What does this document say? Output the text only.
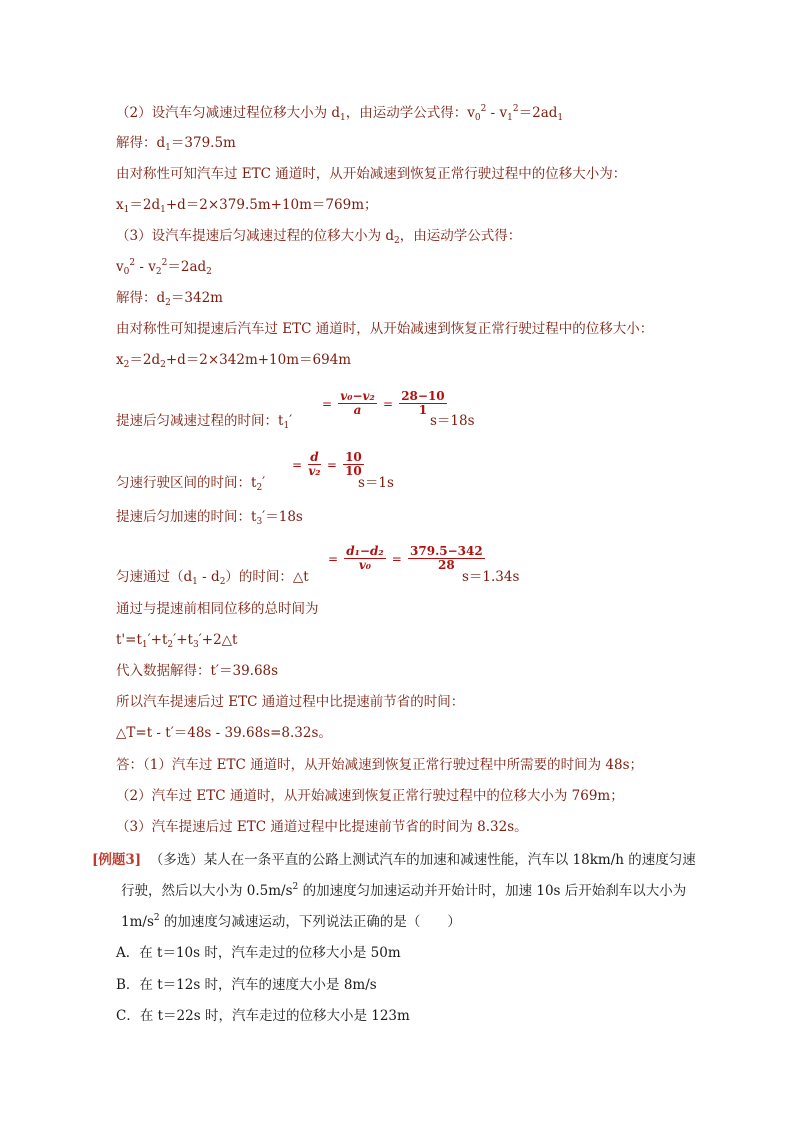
（2）设汽车匀减速过程位移大小为 $d_1$，由运动学公式得：$v_0^2 - v_1^2=2ad_1$
解得：$d_1=379.5m$
由对称性可知汽车过 ETC 通道时，从开始减速到恢复正常行驶过程中的位移大小为：
$x_1=2d_1+d=2\times 379.5m+10m=769m$；
（3）设汽车提速后匀减速过程的位移大小为 $d_2$，由运动学公式得：
$v_0^2 - v_2^2=2ad_2$
解得：$d_2=342m$
由对称性可知提速后汽车过 ETC 通道时，从开始减速到恢复正常行驶过程中的位移大小：
$x_2=2d_2+d=2\times 342m+10m=694m$
提速后匀减速过程的时间：$t_1'$
= $\frac{\text{v₀−v₂}}{a} = \frac{28-10}{1}$
s＝18s
匀速行驶区间的时间：$t_2'$
= $\frac{d}{\text{v₂}} = \frac{10}{10}$
s＝1s
提速后匀加速的时间：$t_3'=18s$
匀速通过$(d_1 - d_2)$的时间：△t
= $\frac{\text{d₁−d₂}}{\text{v₀}} = \frac{379.5-342}{28}$
s＝1.34s
通过与提速前相同位移的总时间为
$t'=t_1'+t_2'+t_3'+2\triangle t$
代入数据解得：t′＝39.68s
所以汽车提速后过 ETC 通道过程中比提速前节省的时间：
△T=t - t′＝48s - 39.68s=8.32s。
答：（1）汽车过 ETC 通道时，从开始减速到恢复正常行驶过程中所需要的时间为 48s；
（2）汽车过 ETC 通道时，从开始减速到恢复正常行驶过程中的位移大小为 769m；
（3）汽车提速后过 ETC 通道过程中比提速前节省的时间为 8.32s。
[例题3] （多选）某人在一条平直的公路上测试汽车的加速和减速性能，汽车以 18km/h 的速度匀速
行驶，然后以大小为 $0.5m/s^2$ 的加速度匀加速运动并开始计时，加速 10s 后开始刹车以大小为
$1m/s^2$ 的加速度匀减速运动，下列说法正确的是（　　）
A．在 t＝10s 时，汽车走过的位移大小是 50m
B．在 t＝12s 时，汽车的速度大小是 8m/s
C．在 t＝22s 时，汽车走过的位移大小是 123m
